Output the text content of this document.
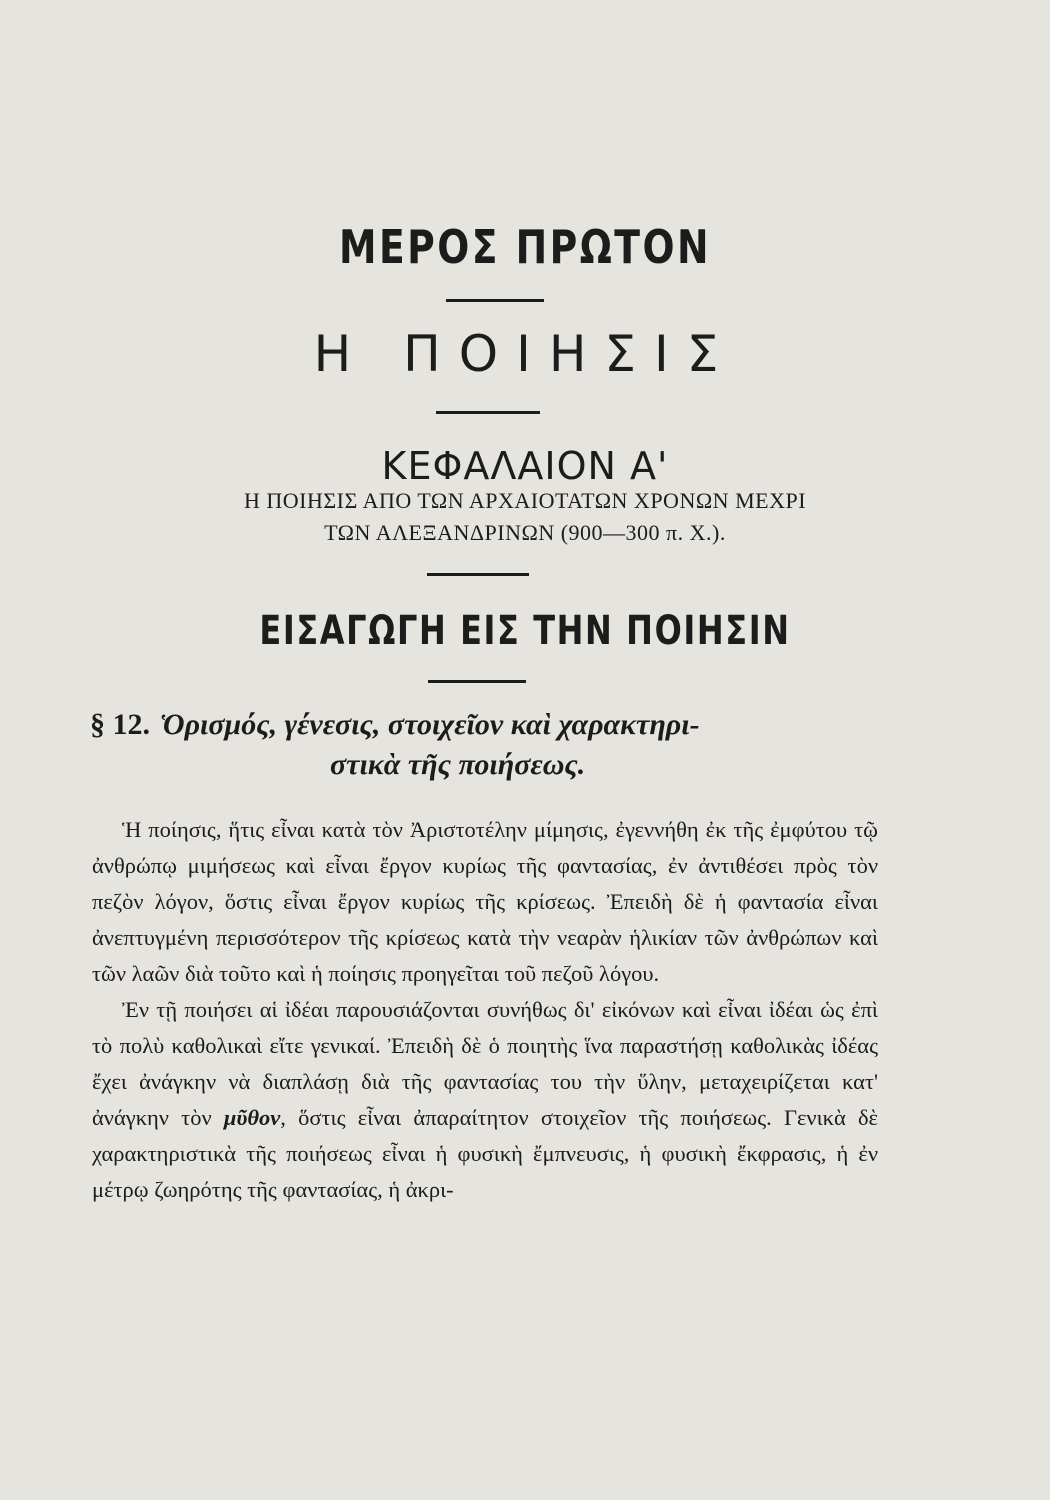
ΜΕΡΟΣ ΠΡΩΤΟΝ
Η ΠΟΙΗΣΙΣ
ΚΕΦΑΛΑΙΟΝ Α'
Η ΠΟΙΗΣΙΣ ΑΠΟ ΤΩΝ ΑΡΧΑΙΟΤΑΤΩΝ ΧΡΟΝΩΝ ΜΕΧΡΙ
ΤΩΝ ΑΛΕΞΑΝΔΡΙΝΩΝ (900—300 π. Χ.).
ΕΙΣΑΓΩΓΗ ΕΙΣ ΤΗΝ ΠΟΙΗΣΙΝ
§ 12. Ὁρισμός, γένεσις, στοιχεῖον καὶ χαρακτηρι-
στικὰ τῆς ποιήσεως.

Ἡ ποίησις, ἥτις εἶναι κατὰ τὸν Ἀριστοτέλην μίμησις, ἐγεννήθη ἐκ τῆς ἐμφύτου τῷ ἀνθρώπῳ μιμήσεως καὶ εἶναι ἔργον κυρίως τῆς φαντασίας, ἐν ἀντιθέσει πρὸς τὸν πεζὸν λόγον, ὅστις εἶναι ἔργον κυρίως τῆς κρίσεως. Ἐπειδὴ δὲ ἡ φαντασία εἶναι ἀνεπτυγμένη περισσότερον τῆς κρίσεως κατὰ τὴν νεαρὰν ἡλικίαν τῶν ἀνθρώπων καὶ τῶν λαῶν διὰ τοῦτο καὶ ἡ ποίησις προηγεῖται τοῦ πεζοῦ λόγου.

Ἐν τῇ ποιήσει αἱ ἰδέαι παρουσιάζονται συνήθως δι' εἰκόνων καὶ εἶναι ἰδέαι ὡς ἐπὶ τὸ πολὺ καθολικαὶ εἴτε γενικαί. Ἐπειδὴ δὲ ὁ ποιητὴς ἵνα παραστήσῃ καθολικὰς ἰδέας ἔχει ἀνάγκην νὰ διαπλάσῃ διὰ τῆς φαντασίας του τὴν ὕλην, μεταχειρίζεται κατ' ἀνάγκην τὸν μῦθον, ὅστις εἶναι ἀπαραίτητον στοιχεῖον τῆς ποιήσεως. Γενικὰ δὲ χαρακτηριστικὰ τῆς ποιήσεως εἶναι ἡ φυσικὴ ἔμπνευσις, ἡ φυσικὴ ἔκφρασις, ἡ ἐν μέτρῳ ζωηρότης τῆς φαντασίας, ἡ ἀκρι-
